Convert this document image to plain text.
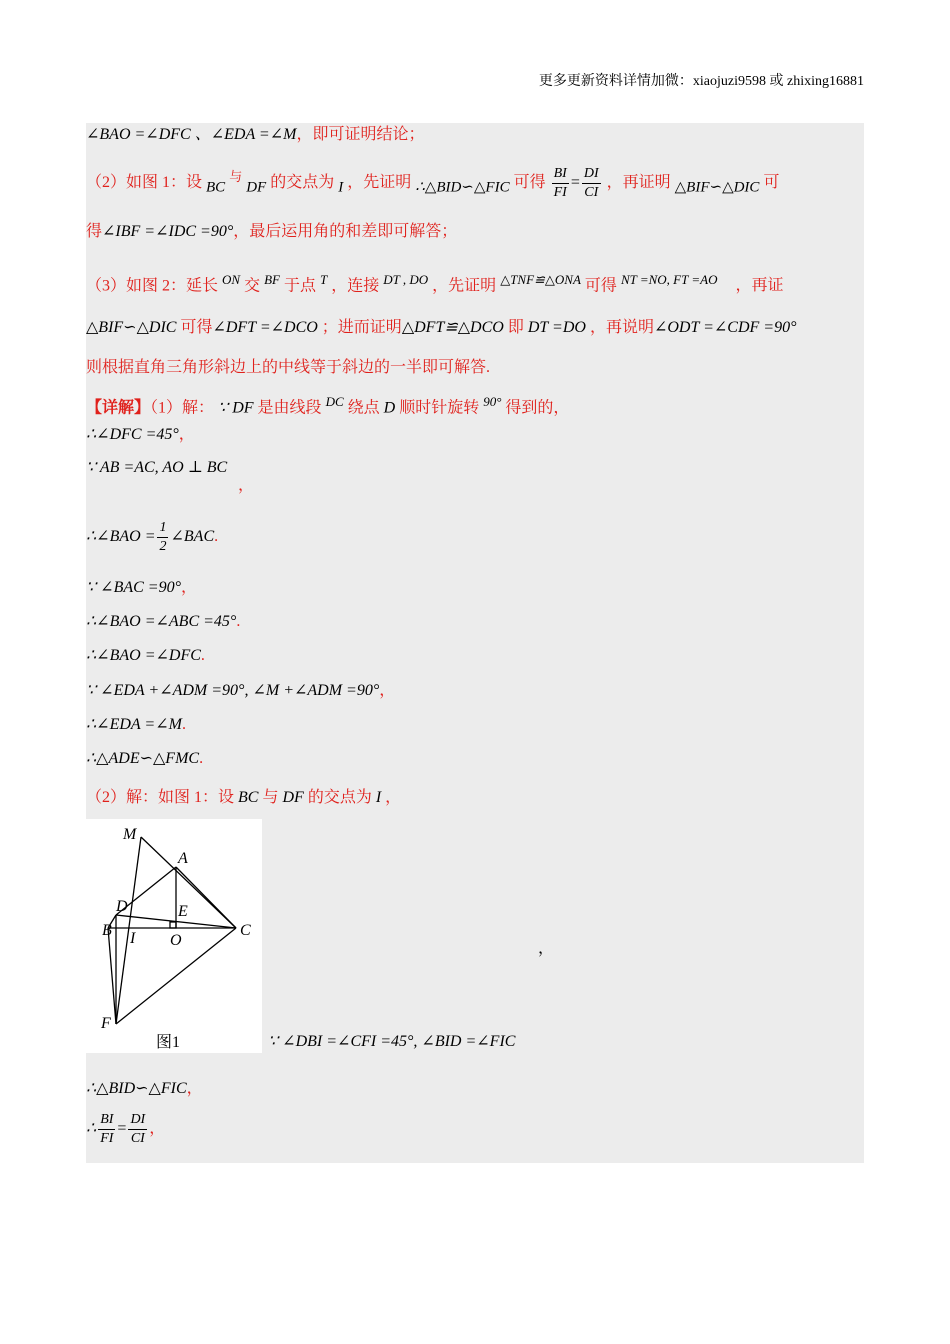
更多更新资料详情加微：xiaojuzi9598 或 zhixing16881
∠BAO =∠DFC 、∠EDA =∠M，即可证明结论；
（2）如图 1：设 BC $^与$ DF 的交点为 I ，先证明 ∴△BID∽△FIC 可得 $\frac{BI}{FI} = \frac{DI}{CI}$ ，再证明 △BIF∽△DIC 可
得∠IBF =∠IDC =90°，最后运用角的和差即可解答；
（3）如图 2：延长 $^{ON}$ 交 $^{BF}$ 于点 $^T$ ，连接 $^{DT , DO}$ ，先证明 $^{\triangle TNF≌\triangle ONA}$ 可得 $^{NT =NO, FT =AO}$ ，再证
△BIF∽△DIC 可得∠DFT =∠DCO ；进而证明△DFT≌△DCO 即 DT =DO ，再说明∠ODT =∠CDF =90°
则根据直角三角形斜边上的中线等于斜边的一半即可解答.
【详解】（1）解： ∵ DF 是由线段 $^{DC}$ 绕点 D 顺时针旋转 $^{90^\circ}$ 得到的，
∴∠DFC =45°，
∵ AB =AC, AO ⊥ BC
，
∴∠BAO = $\frac{1}{2}$ ∠BAC.
∵ ∠BAC =90°，
∴∠BAO =∠ABC =45°.
∴∠BAO =∠DFC.
∵ ∠EDA +∠ADM =90°, ∠M +∠ADM =90°，
∴∠EDA =∠M.
∴△ADE∽△FMC.
（2）解：如图 1：设 BC 与 DF 的交点为 I ，
M
A
D	E
B I O
C
F
图1
，
∵ ∠DBI =∠CFI =45°, ∠BID =∠FIC
∴△BID∽△FIC，
∴ $\frac{BI}{FI} = \frac{DI}{CI}$ ，
